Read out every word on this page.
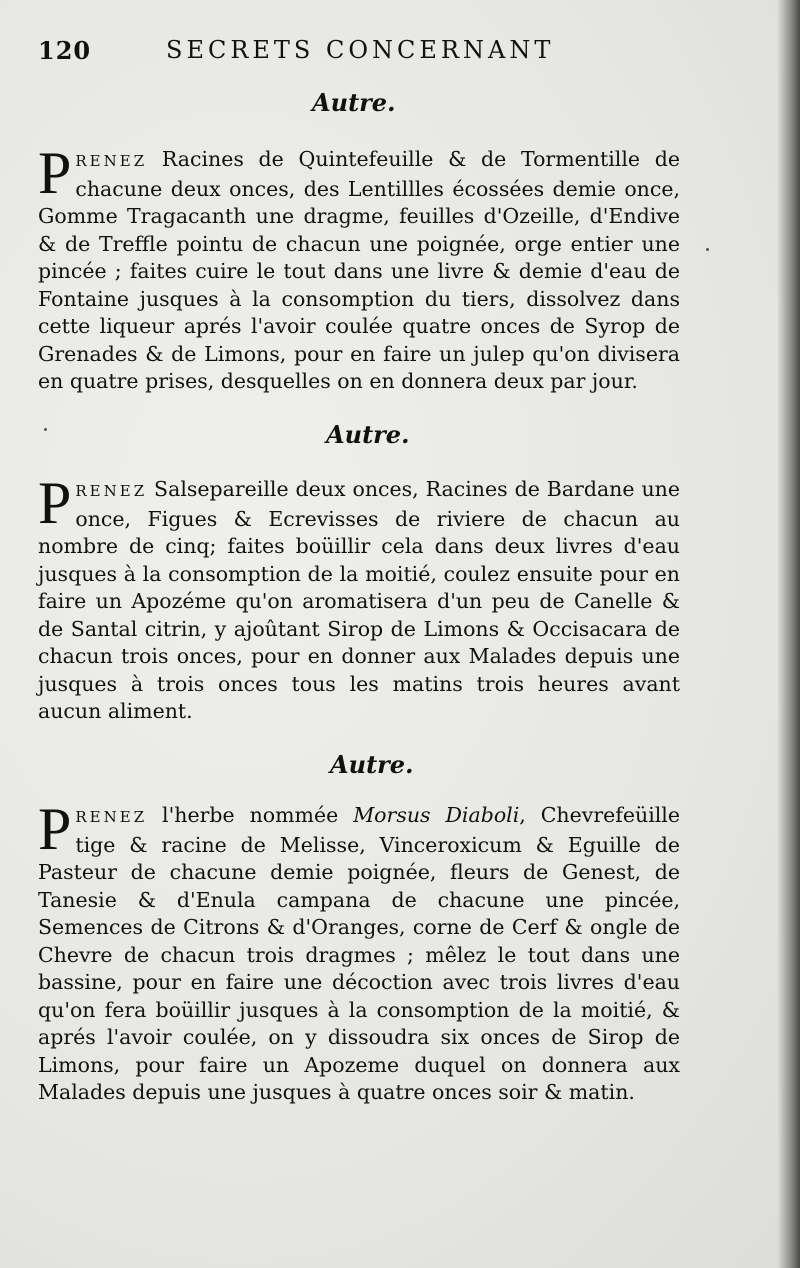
120	SECRETS CONCERNANT
Autre.
PRENEZ Racines de Quintefeuille & de Tormentille de chacune deux onces, des Lentillles écossées demie once, Gomme Tragacanth une dragme, feuilles d'Ozeille, d'Endive & de Treffle pointu de chacun une poignée, orge entier une pincée ; faites cuire le tout dans une livre & demie d'eau de Fontaine jusques à la consomption du tiers, dissolvez dans cette liqueur aprés l'avoir coulée quatre onces de Syrop de Grenades & de Limons, pour en faire un julep qu'on divisera en quatre prises, desquelles on en donnera deux par jour.
Autre.
PRENEZ Salsepareille deux onces, Racines de Bardane une once, Figues & Ecrevisses de riviere de chacun au nombre de cinq; faites boüillir cela dans deux livres d'eau jusques à la consomption de la moitié, coulez ensuite pour en faire un Apozéme qu'on aromatisera d'un peu de Canelle & de Santal citrin, y ajoûtant Sirop de Limons & Occisacara de chacun trois onces, pour en donner aux Malades depuis une jusques à trois onces tous les matins trois heures avant aucun aliment.
Autre.
PRENEZ l'herbe nommée Morsus Diaboli, Chevrefeüille tige & racine de Melisse, Vinceroxicum & Eguille de Pasteur de chacune demie poignée, fleurs de Genest, de Tanesie & d'Enula campana de chacune une pincée, Semences de Citrons & d'Oranges, corne de Cerf & ongle de Chevre de chacun trois dragmes ; mêlez le tout dans une bassine, pour en faire une décoction avec trois livres d'eau qu'on fera boüillir jusques à la consomption de la moitié, & aprés l'avoir coulée, on y dissoudra six onces de Sirop de Limons, pour faire un Apozeme duquel on donnera aux Malades depuis une jusques à quatre onces soir & matin.
